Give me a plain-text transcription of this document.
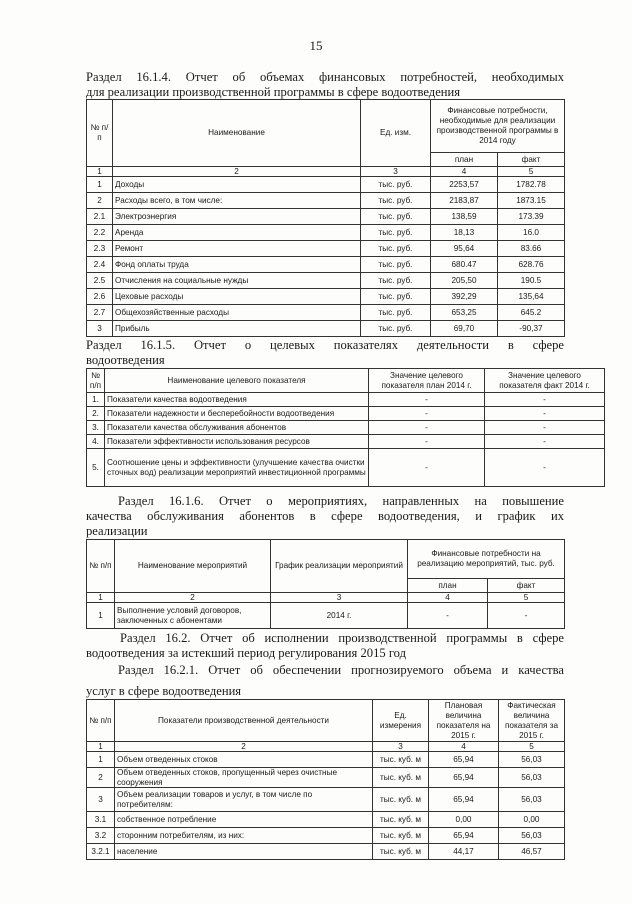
15
Раздел 16.1.4. Отчет об объемах финансовых потребностей, необходимых
для реализации производственной программы в сфере водоотведения
№ п/п	Наименование	Ед. изм.	Финансовые потребности, необходимые для реализации производственной программы в 2014 году	
			план	факт
1	2	3	4	5
1	Доходы	тыс. руб.	2253,57	1782.78
2	Расходы всего, в том числе:	тыс. руб.	2183,87	1873.15
2.1	Электроэнергия	тыс. руб.	138,59	173.39
2.2	Аренда	тыс. руб.	18,13	16.0
2.3	Ремонт	тыс. руб.	95,64	83.66
2.4	Фонд оплаты труда	тыс. руб.	680.47	628.76
2.5	Отчисления на социальные нужды	тыс. руб.	205,50	190.5
2.6	Цеховые расходы	тыс. руб.	392,29	135,64
2.7	Общехозяйственные расходы	тыс. руб.	653,25	645.2
3	Прибыль	тыс. руб.	69,70	-90,37
Раздел 16.1.5. Отчет о целевых показателях деятельности в сфере
водоотведения
№ п/п	Наименование целевого показателя	Значение целевого показателя план 2014 г.	Значение целевого показателя факт 2014 г.
1.	Показатели качества водоотведения	-	-
2.	Показатели надежности и бесперебойности водоотведения	-	-
3.	Показатели качества обслуживания абонентов	-	-
4.	Показатели эффективности использования ресурсов	-	-
5.	Соотношение цены и эффективности (улучшение качества очистки сточных вод) реализации мероприятий инвестиционной программы	-	-
Раздел 16.1.6. Отчет о мероприятиях, направленных на повышение
качества обслуживания абонентов в сфере водоотведения, и график их
реализации
№ п/п	Наименование мероприятий	График реализации мероприятий	Финансовые потребности на реализацию мероприятий, тыс. руб.	
			план	факт
1	2	3	4	5
1	Выполнение условий договоров, заключенных с абонентами	2014 г.	-	-
Раздел 16.2. Отчет об исполнении производственной программы в сфере
водоотведения за истекший период регулирования 2015 год
Раздел 16.2.1. Отчет об обеспечении прогнозируемого объема и качества
услуг в сфере водоотведения
№ п/п	Показатели производственной деятельности	Ед. измерения	Плановая величина показателя на 2015 г.	Фактическая величина показателя за 2015 г.
1	2	3	4	5
1	Объем отведенных стоков	тыс. куб. м	65,94	56,03
2	Объем отведенных стоков, пропущенный через очистные сооружения	тыс. куб. м	65,94	56,03
3	Объем реализации товаров и услуг, в том числе по потребителям:	тыс. куб. м	65,94	56,03
3.1	собственное потребление	тыс. куб. м	0,00	0,00
3.2	сторонним потребителям, из них:	тыс. куб. м	65,94	56,03
3.2.1	население	тыс. куб. м	44,17	46,57
